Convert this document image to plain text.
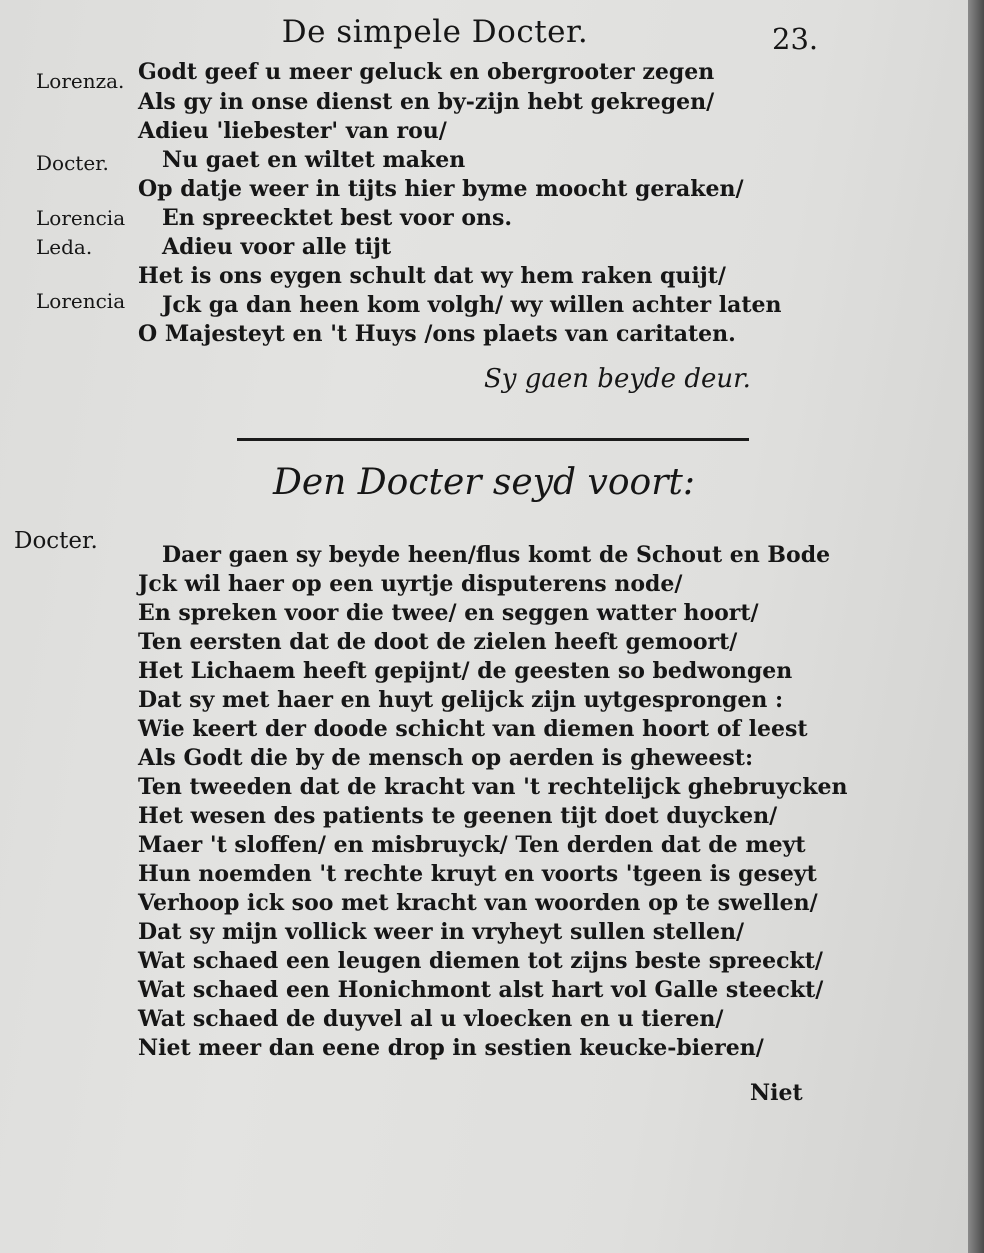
De simpele Docter.	23.
Lorenza. Godt geef u meer geluck en obergrooter zegen
Als gy in onse dienst en by-zijn hebt gekregen/
Adieu 'liebester' van rou/
Docter. Nu gaet en wiltet maken
Op datje weer in tijts hier byme moocht geraken/
Lorencia En spreecktet best voor ons.
Leda.	Adieu voor alle tijt
Het is ons eygen schult dat wy hem raken quijt/
Lorencia Jck ga dan heen kom volgh/ wy willen achter laten
O Majesteyt en 't Huys /ons plaets van caritaten.
Sy gaen beyde deur.
Den Docter seyd voort:
Docter.
Daer gaen sy beyde heen/flus komt de Schout en Bode
Jck wil haer op een uyrtje disputerens node/
En spreken voor die twee/ en seggen watter hoort/
Ten eersten dat de doot de zielen heeft gemoort/
Het Lichaem heeft gepijnt/ de geesten so bedwongen
Dat sy met haer en huyt gelijck zijn uytgesprongen :
Wie keert der doode schicht van diemen hoort of leest
Als Godt die by de mensch op aerden is gheweest:
Ten tweeden dat de kracht van 't rechtelijck ghebruycken
Het wesen des patients te geenen tijt doet duycken/
Maer 't sloffen/ en misbruyck/ Ten derden dat de meyt
Hun noemden 't rechte kruyt en voorts 'tgeen is geseyt
Verhoop ick soo met kracht van woorden op te swellen/
Dat sy mijn vollick weer in vryheyt sullen stellen/
Wat schaed een leugen diemen tot zijns beste spreeckt/
Wat schaed een Honichmont alst hart vol Galle steeckt/
Wat schaed de duyvel al u vloecken en u tieren/
Niet meer dan eene drop in sestien keucke-bieren/
Niet
